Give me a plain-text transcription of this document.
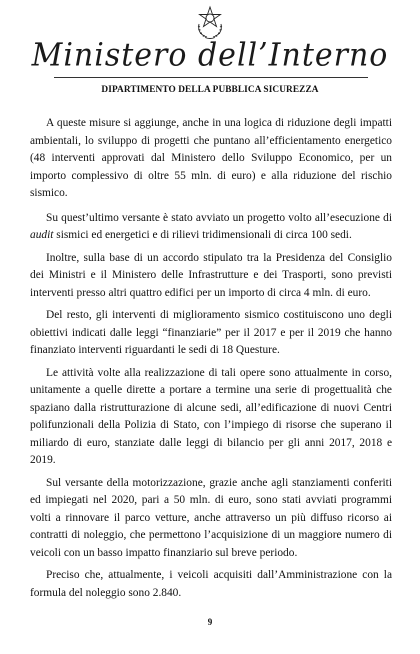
Ministero dell’Interno
DIPARTIMENTO DELLA PUBBLICA SICUREZZA

A queste misure si aggiunge, anche in una logica di riduzione degli impatti ambientali, lo sviluppo di progetti che puntano all’efficientamento energetico (48 interventi approvati dal Ministero dello Sviluppo Economico, per un importo complessivo di oltre 55 mln. di euro) e alla riduzione del rischio sismico.

Su quest’ultimo versante è stato avviato un progetto volto all’esecuzione di audit sismici ed energetici e di rilievi tridimensionali di circa 100 sedi.

Inoltre, sulla base di un accordo stipulato tra la Presidenza del Consiglio dei Ministri e il Ministero delle Infrastrutture e dei Trasporti, sono previsti interventi presso altri quattro edifici per un importo di circa 4 mln. di euro.

Del resto, gli interventi di miglioramento sismico costituiscono uno degli obiettivi indicati dalle leggi “finanziarie” per il 2017 e per il 2019 che hanno finanziato interventi riguardanti le sedi di 18 Questure.

Le attività volte alla realizzazione di tali opere sono attualmente in corso, unitamente a quelle dirette a portare a termine una serie di progettualità che spaziano dalla ristrutturazione di alcune sedi, all’edificazione di nuovi Centri polifunzionali della Polizia di Stato, con l’impiego di risorse che superano il miliardo di euro, stanziate dalle leggi di bilancio per gli anni 2017, 2018 e 2019.

Sul versante della motorizzazione, grazie anche agli stanziamenti conferiti ed impiegati nel 2020, pari a 50 mln. di euro, sono stati avviati programmi volti a rinnovare il parco vetture, anche attraverso un più diffuso ricorso ai contratti di noleggio, che permettono l’acquisizione di un maggiore numero di veicoli con un basso impatto finanziario sul breve periodo.

Preciso che, attualmente, i veicoli acquisiti dall’Amministrazione con la formula del noleggio sono 2.840.

9
